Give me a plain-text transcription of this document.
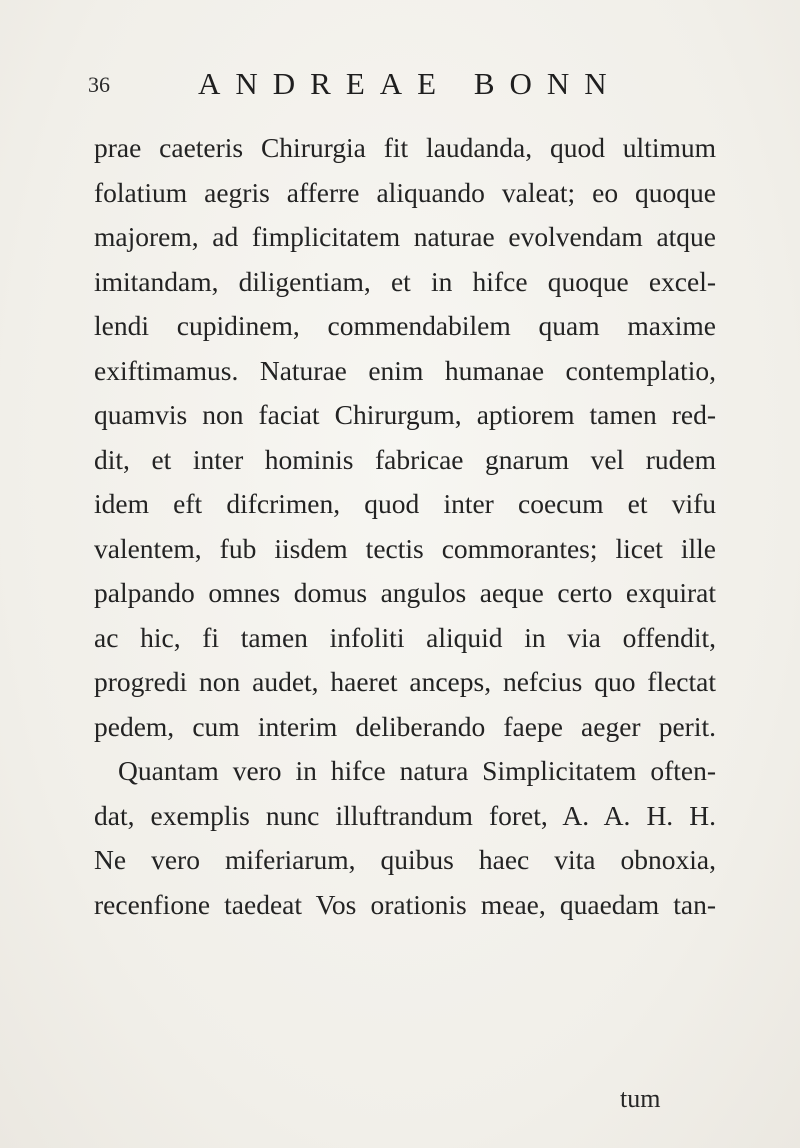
36	ANDREAE BONN
prae caeteris Chirurgia fit laudanda, quod ultimum
folatium aegris afferre aliquando valeat; eo quoque
majorem, ad fimplicitatem naturae evolvendam atque
imitandam, diligentiam, et in hifce quoque excel-
lendi cupidinem, commendabilem quam maxime
exiftimamus. Naturae enim humanae contemplatio,
quamvis non faciat Chirurgum, aptiorem tamen red-
dit, et inter hominis fabricae gnarum vel rudem
idem eft difcrimen, quod inter coecum et vifu
valentem, fub iisdem tectis commorantes; licet ille
palpando omnes domus angulos aeque certo exquirat
ac hic, fi tamen infoliti aliquid in via offendit,
progredi non audet, haeret anceps, nefcius quo flectat
pedem, cum interim deliberando faepe aeger perit.
Quantam vero in hifce natura Simplicitatem often-
dat, exemplis nunc illuftrandum foret, A. A. H. H.
Ne vero miferiarum, quibus haec vita obnoxia,
recenfione taedeat Vos orationis meae, quaedam tan-
tum
